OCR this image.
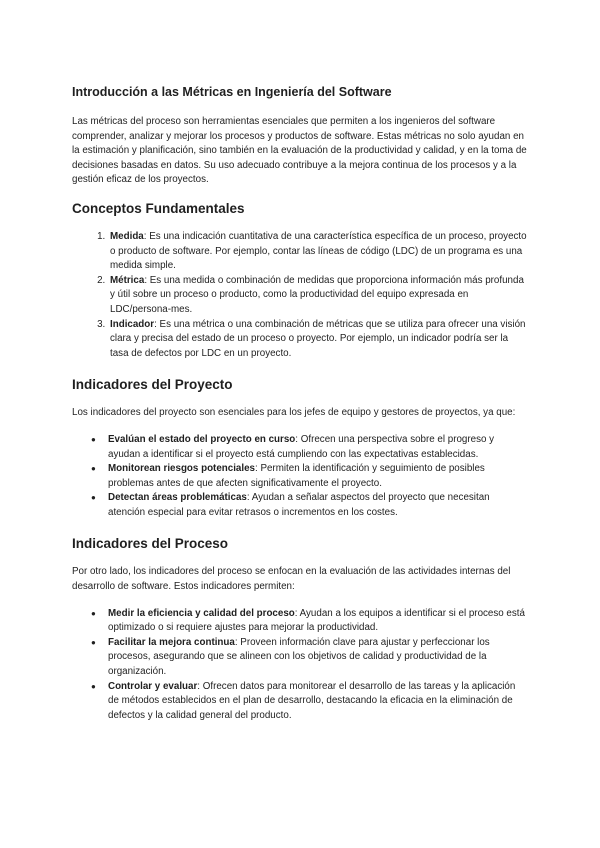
Introducción a las Métricas en Ingeniería del Software

Las métricas del proceso son herramientas esenciales que permiten a los ingenieros del software comprender, analizar y mejorar los procesos y productos de software. Estas métricas no solo ayudan en la estimación y planificación, sino también en la evaluación de la productividad y calidad, y en la toma de decisiones basadas en datos. Su uso adecuado contribuye a la mejora continua de los procesos y a la gestión eficaz de los proyectos.

Conceptos Fundamentales
1. Medida: Es una indicación cuantitativa de una característica específica de un proceso, proyecto o producto de software. Por ejemplo, contar las líneas de código (LDC) de un programa es una medida simple.
2. Métrica: Es una medida o combinación de medidas que proporciona información más profunda y útil sobre un proceso o producto, como la productividad del equipo expresada en LDC/persona-mes.
3. Indicador: Es una métrica o una combinación de métricas que se utiliza para ofrecer una visión clara y precisa del estado de un proceso o proyecto. Por ejemplo, un indicador podría ser la tasa de defectos por LDC en un proyecto.
Indicadores del Proyecto

Los indicadores del proyecto son esenciales para los jefes de equipo y gestores de proyectos, ya que:

● Evalúan el estado del proyecto en curso: Ofrecen una perspectiva sobre el progreso y ayudan a identificar si el proyecto está cumpliendo con las expectativas establecidas.
● Monitorean riesgos potenciales: Permiten la identificación y seguimiento de posibles problemas antes de que afecten significativamente el proyecto.
● Detectan áreas problemáticas: Ayudan a señalar aspectos del proyecto que necesitan atención especial para evitar retrasos o incrementos en los costes.
Indicadores del Proceso

Por otro lado, los indicadores del proceso se enfocan en la evaluación de las actividades internas del desarrollo de software. Estos indicadores permiten:

● Medir la eficiencia y calidad del proceso: Ayudan a los equipos a identificar si el proceso está optimizado o si requiere ajustes para mejorar la productividad.
● Facilitar la mejora continua: Proveen información clave para ajustar y perfeccionar los procesos, asegurando que se alineen con los objetivos de calidad y productividad de la organización.
● Controlar y evaluar: Ofrecen datos para monitorear el desarrollo de las tareas y la aplicación de métodos establecidos en el plan de desarrollo, destacando la eficacia en la eliminación de defectos y la calidad general del producto.
